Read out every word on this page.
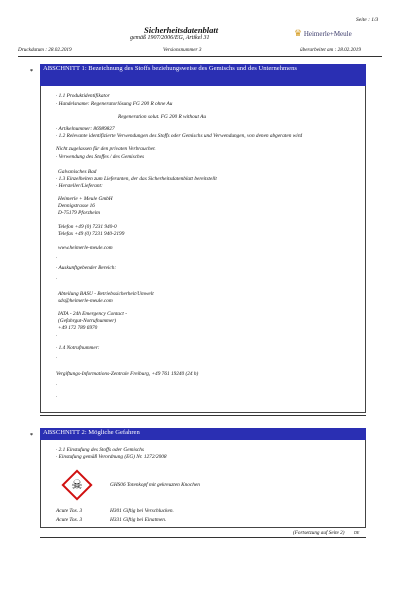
Seite : 1/3
Sicherheitsdatenblatt
gemäß 1907/2006/EG, Artikel 31	♛ Heimerle+Meule
Druckdatum : 28.02.2019	Versionsnummer 3	überarbeitet am : 28.02.2019
*	ABSCHNITT 1: Bezeichnung des Stoffs beziehungsweise des Gemischs und des Unternehmens
· 1.1 Produktidentifikator
· Handelsname: Regeneratorlösung FG 200 R ohne Au
Regeneration solut. FG 200 R without Au
· Artikelnummer: 86989827
· 1.2 Relevante identifizierte Verwendungen des Stoffs oder Gemischs und Verwendungen, von denen abgeraten wird
Nicht zugelassen für den privaten Verbraucher.
· Verwendung des Stoffes / des Gemisches
Galvanisches Bad
· 1.3 Einzelheiten zum Lieferanten, der das Sicherheitsdatenblatt bereitstellt
· Hersteller/Lieferant:
Heimerle + Meule GmbH
Dennigstrasse 16
D-75179 Pforzheim
Telefon +49 (0) 7231 940-0
Telefax +49 (0) 7231 940-2199
www.heimerle-meule.com
·
· Auskunftgebender Bereich:
·
Abteilung BASU - Betriebssicherheit/Umwelt
sds@heimerle-meule.com
IATA - 24h Emergency Contact -
(Gefahrgut-Notrufnummer)
+49 172 789 6970
·
· 1.4 Notrufnummer:
·
Vergiftungs-Informations-Zentrale Freiburg, +49 761 19240 (24 h)
·
·
*	ABSCHNITT 2: Mögliche Gefahren
· 2.1 Einstufung des Stoffs oder Gemischs
· Einstufung gemäß Verordnung (EG) Nr. 1272/2008
☠	GHS06 Totenkopf mit gekreuzten Knochen
Acute Tox. 3	H301 Giftig bei Verschlucken.
Acute Tox. 3	H331 Giftig bei Einatmen.
(Fortsetzung auf Seite 2) DE
